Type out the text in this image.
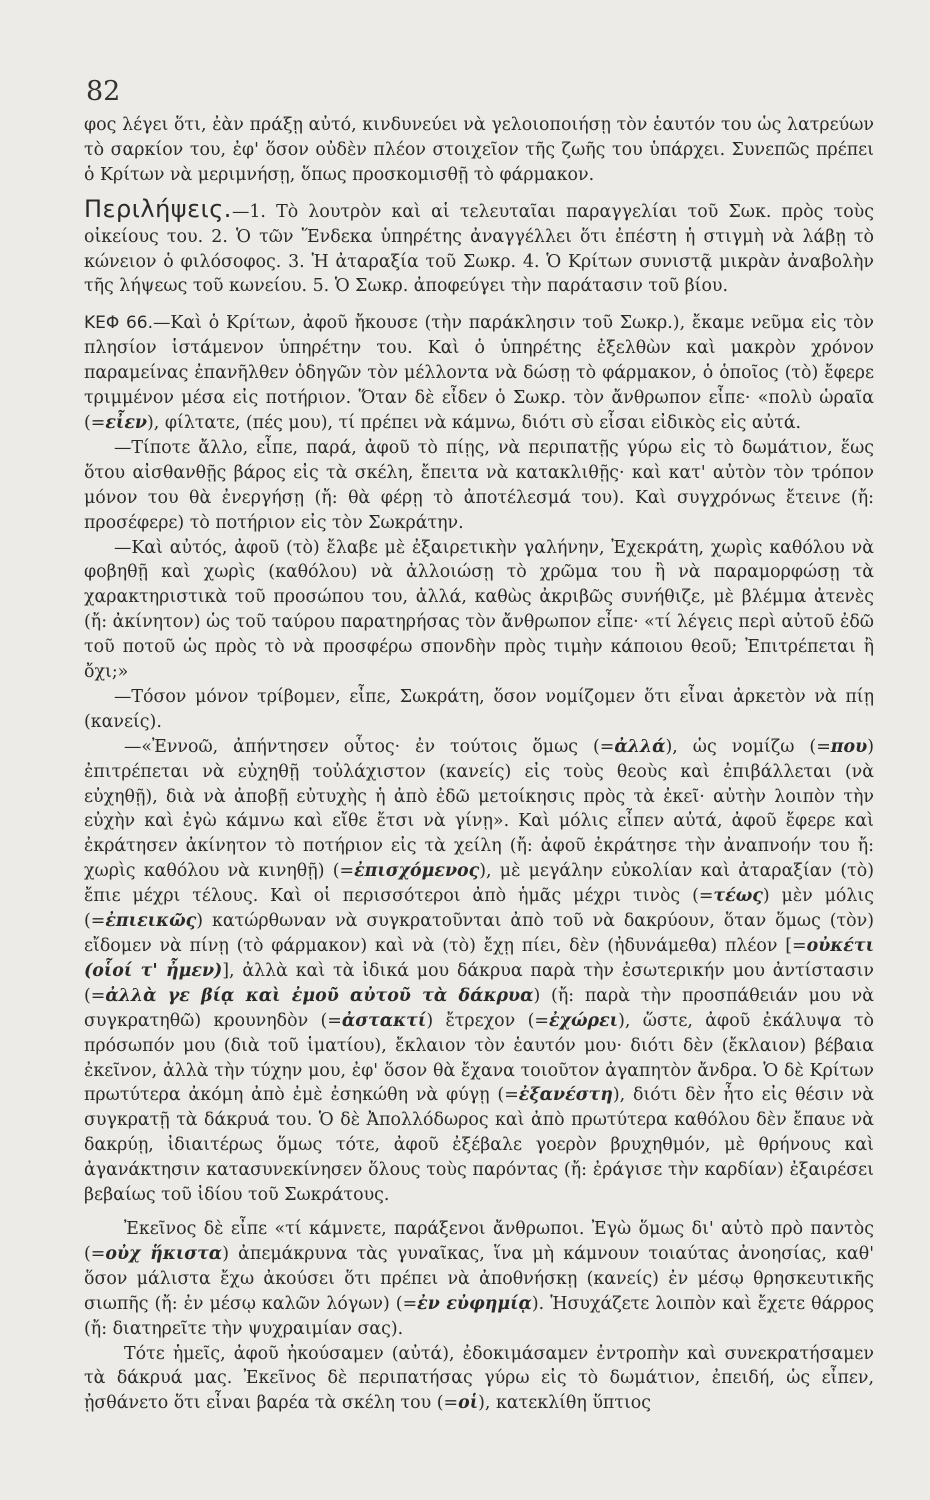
82

φος λέγει ὅτι, ἐὰν πράξῃ αὐτό, κινδυνεύει νὰ γελοιοποιήσῃ τὸν ἑαυτόν του ὡς λατρεύων τὸ σαρκίον του, ἐφ' ὅσον οὐδὲν πλέον στοιχεῖον τῆς ζωῆς του ὑπάρχει. Συνεπῶς πρέπει ὁ Κρίτων νὰ μεριμνήσῃ, ὅπως προσκομισθῇ τὸ φάρμακον.

Περιλήψεις.—1. Τὸ λουτρὸν καὶ αἱ τελευταῖαι παραγγελίαι τοῦ Σωκ. πρὸς τοὺς οἰκείους του. 2. Ὁ τῶν Ἕνδεκα ὑπηρέτης ἀναγγέλλει ὅτι ἐπέστη ἡ στιγμὴ νὰ λάβῃ τὸ κώνειον ὁ φιλόσοφος. 3. Ἡ ἀταραξία τοῦ Σωκρ. 4. Ὁ Κρίτων συνιστᾷ μικρὰν ἀναβολὴν τῆς λήψεως τοῦ κωνείου. 5. Ὁ Σωκρ. ἀποφεύγει τὴν παράτασιν τοῦ βίου.

ΚΕΦ 66.—Καὶ ὁ Κρίτων, ἀφοῦ ἤκουσε (τὴν παράκλησιν τοῦ Σωκρ.), ἔκαμε νεῦμα εἰς τὸν πλησίον ἱστάμενον ὑπηρέτην του. Καὶ ὁ ὑπηρέτης ἐξελθὼν καὶ μακρὸν χρόνον παραμείνας ἐπανῆλθεν ὁδηγῶν τὸν μέλλοντα νὰ δώσῃ τὸ φάρμακον, ὁ ὁποῖος (τὸ) ἔφερε τριμμένον μέσα εἰς ποτήριον. Ὅταν δὲ εἶδεν ὁ Σωκρ. τὸν ἄνθρωπον εἶπε· «πολὺ ὡραῖα (=εἶεν), φίλτατε, (πές μου), τί πρέπει νὰ κάμνω, διότι σὺ εἶσαι εἰδικὸς εἰς αὐτά.

—Τίποτε ἄλλο, εἶπε, παρά, ἀφοῦ τὸ πίῃς, νὰ περιπατῇς γύρω εἰς τὸ δωμάτιον, ἕως ὅτου αἰσθανθῇς βάρος εἰς τὰ σκέλη, ἔπειτα νὰ κατακλιθῇς· καὶ κατ' αὐτὸν τὸν τρόπον μόνον του θὰ ἐνεργήσῃ (ἤ: θὰ φέρῃ τὸ ἀποτέλεσμά του). Καὶ συγχρόνως ἔτεινε (ἤ: προσέφερε) τὸ ποτήριον εἰς τὸν Σωκράτην.

—Καὶ αὐτός, ἀφοῦ (τὸ) ἔλαβε μὲ ἐξαιρετικὴν γαλήνην, Ἐχεκράτη, χωρὶς καθόλου νὰ φοβηθῇ καὶ χωρὶς (καθόλου) νὰ ἀλλοιώσῃ τὸ χρῶμα του ἢ νὰ παραμορφώσῃ τὰ χαρακτηριστικὰ τοῦ προσώπου του, ἀλλά, καθὼς ἀκριβῶς συνήθιζε, μὲ βλέμμα ἀτενὲς (ἤ: ἀκίνητον) ὡς τοῦ ταύρου παρατηρήσας τὸν ἄνθρωπον εἶπε· «τί λέγεις περὶ αὐτοῦ ἐδῶ τοῦ ποτοῦ ὡς πρὸς τὸ νὰ προσφέρω σπονδὴν πρὸς τιμὴν κάποιου θεοῦ; Ἐπιτρέπεται ἢ ὄχι;»

—Τόσον μόνον τρίβομεν, εἶπε, Σωκράτη, ὅσον νομίζομεν ὅτι εἶναι ἀρκετὸν νὰ πίῃ (κανείς).

—«Ἐννοῶ, ἀπήντησεν οὗτος· ἐν τούτοις ὅμως (=ἀλλά), ὡς νομίζω (=που) ἐπιτρέπεται νὰ εὐχηθῇ τοὐλάχιστον (κανείς) εἰς τοὺς θεοὺς καὶ ἐπιβάλλεται (νὰ εὐχηθῇ), διὰ νὰ ἀποβῇ εὐτυχὴς ἡ ἀπὸ ἐδῶ μετοίκησις πρὸς τὰ ἐκεῖ· αὐτὴν λοιπὸν τὴν εὐχὴν καὶ ἐγὼ κάμνω καὶ εἴθε ἔτσι νὰ γίνῃ». Καὶ μόλις εἶπεν αὐτά, ἀφοῦ ἔφερε καὶ ἐκράτησεν ἀκίνητον τὸ ποτήριον εἰς τὰ χείλη (ἤ: ἀφοῦ ἐκράτησε τὴν ἀναπνοήν του ἤ: χωρὶς καθόλου νὰ κινηθῇ) (=ἐπισχόμενος), μὲ μεγάλην εὐκολίαν καὶ ἀταραξίαν (τὸ) ἔπιε μέχρι τέλους. Καὶ οἱ περισσότεροι ἀπὸ ἡμᾶς μέχρι τινὸς (=τέως) μὲν μόλις (=ἐπιεικῶς) κατώρθωναν νὰ συγκρατοῦνται ἀπὸ τοῦ νὰ δακρύουν, ὅταν ὅμως (τὸν) εἴδομεν νὰ πίνῃ (τὸ φάρμακον) καὶ νὰ (τὸ) ἔχῃ πίει, δὲν (ἠδυνάμεθα) πλέον [=οὐκέτι (οἷοί τ' ἦμεν)], ἀλλὰ καὶ τὰ ἰδικά μου δάκρυα παρὰ τὴν ἐσωτερικήν μου ἀντίστασιν (=ἀλλὰ γε βίᾳ καὶ ἐμοῦ αὐτοῦ τὰ δάκρυα) (ἤ: παρὰ τὴν προσπάθειάν μου νὰ συγκρατηθῶ) κρουνηδὸν (=ἀστακτί) ἔτρεχον (=ἐχώρει), ὥστε, ἀφοῦ ἐκάλυψα τὸ πρόσωπόν μου (διὰ τοῦ ἱματίου), ἔκλαιον τὸν ἑαυτόν μου· διότι δὲν (ἔκλαιον) βέβαια ἐκεῖνον, ἀλλὰ τὴν τύχην μου, ἐφ' ὅσον θὰ ἔχανα τοιοῦτον ἀγαπητὸν ἄνδρα. Ὁ δὲ Κρίτων πρωτύτερα ἀκόμη ἀπὸ ἐμὲ ἐσηκώθη νὰ φύγῃ (=ἐξανέστη), διότι δὲν ἦτο εἰς θέσιν νὰ συγκρατῇ τὰ δάκρυά του. Ὁ δὲ Ἀπολλόδωρος καὶ ἀπὸ πρωτύτερα καθόλου δὲν ἔπαυε νὰ δακρύῃ, ἰδιαιτέρως ὅμως τότε, ἀφοῦ ἐξέβαλε γοερὸν βρυχηθμόν, μὲ θρήνους καὶ ἀγανάκτησιν κατασυνεκίνησεν ὅλους τοὺς παρόντας (ἤ: ἐράγισε τὴν καρδίαν) ἐξαιρέσει βεβαίως τοῦ ἰδίου τοῦ Σωκράτους.

Ἐκεῖνος δὲ εἶπε «τί κάμνετε, παράξενοι ἄνθρωποι. Ἐγὼ ὅμως δι' αὐτὸ πρὸ παντὸς (=οὐχ ἥκιστα) ἀπεμάκρυνα τὰς γυναῖκας, ἵνα μὴ κάμνουν τοιαύτας ἀνοησίας, καθ' ὅσον μάλιστα ἔχω ἀκούσει ὅτι πρέπει νὰ ἀποθνήσκῃ (κανείς) ἐν μέσῳ θρησκευτικῆς σιωπῆς (ἤ: ἐν μέσῳ καλῶν λόγων) (=ἐν εὐφημίᾳ). Ἡσυχάζετε λοιπὸν καὶ ἔχετε θάρρος (ἤ: διατηρεῖτε τὴν ψυχραιμίαν σας).

Τότε ἡμεῖς, ἀφοῦ ἠκούσαμεν (αὐτά), ἐδοκιμάσαμεν ἐντροπὴν καὶ συνεκρατήσαμεν τὰ δάκρυά μας. Ἐκεῖνος δὲ περιπατήσας γύρω εἰς τὸ δωμάτιον, ἐπειδή, ὡς εἶπεν, ᾐσθάνετο ὅτι εἶναι βαρέα τὰ σκέλη του (=οἱ), κατεκλίθη ὕπτιος
